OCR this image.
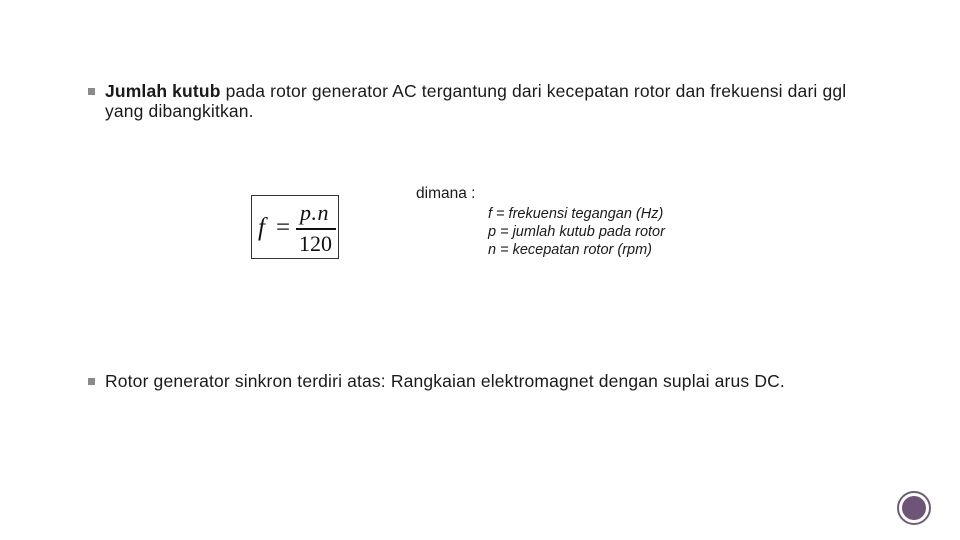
Jumlah kutub pada rotor generator AC tergantung dari kecepatan rotor dan frekuensi dari ggl yang dibangkitkan.
f =
p.n
120
dimana :
f = frekuensi tegangan (Hz)
p = jumlah kutub pada rotor
n = kecepatan rotor (rpm)
Rotor generator sinkron terdiri atas: Rangkaian elektromagnet dengan suplai arus DC.
